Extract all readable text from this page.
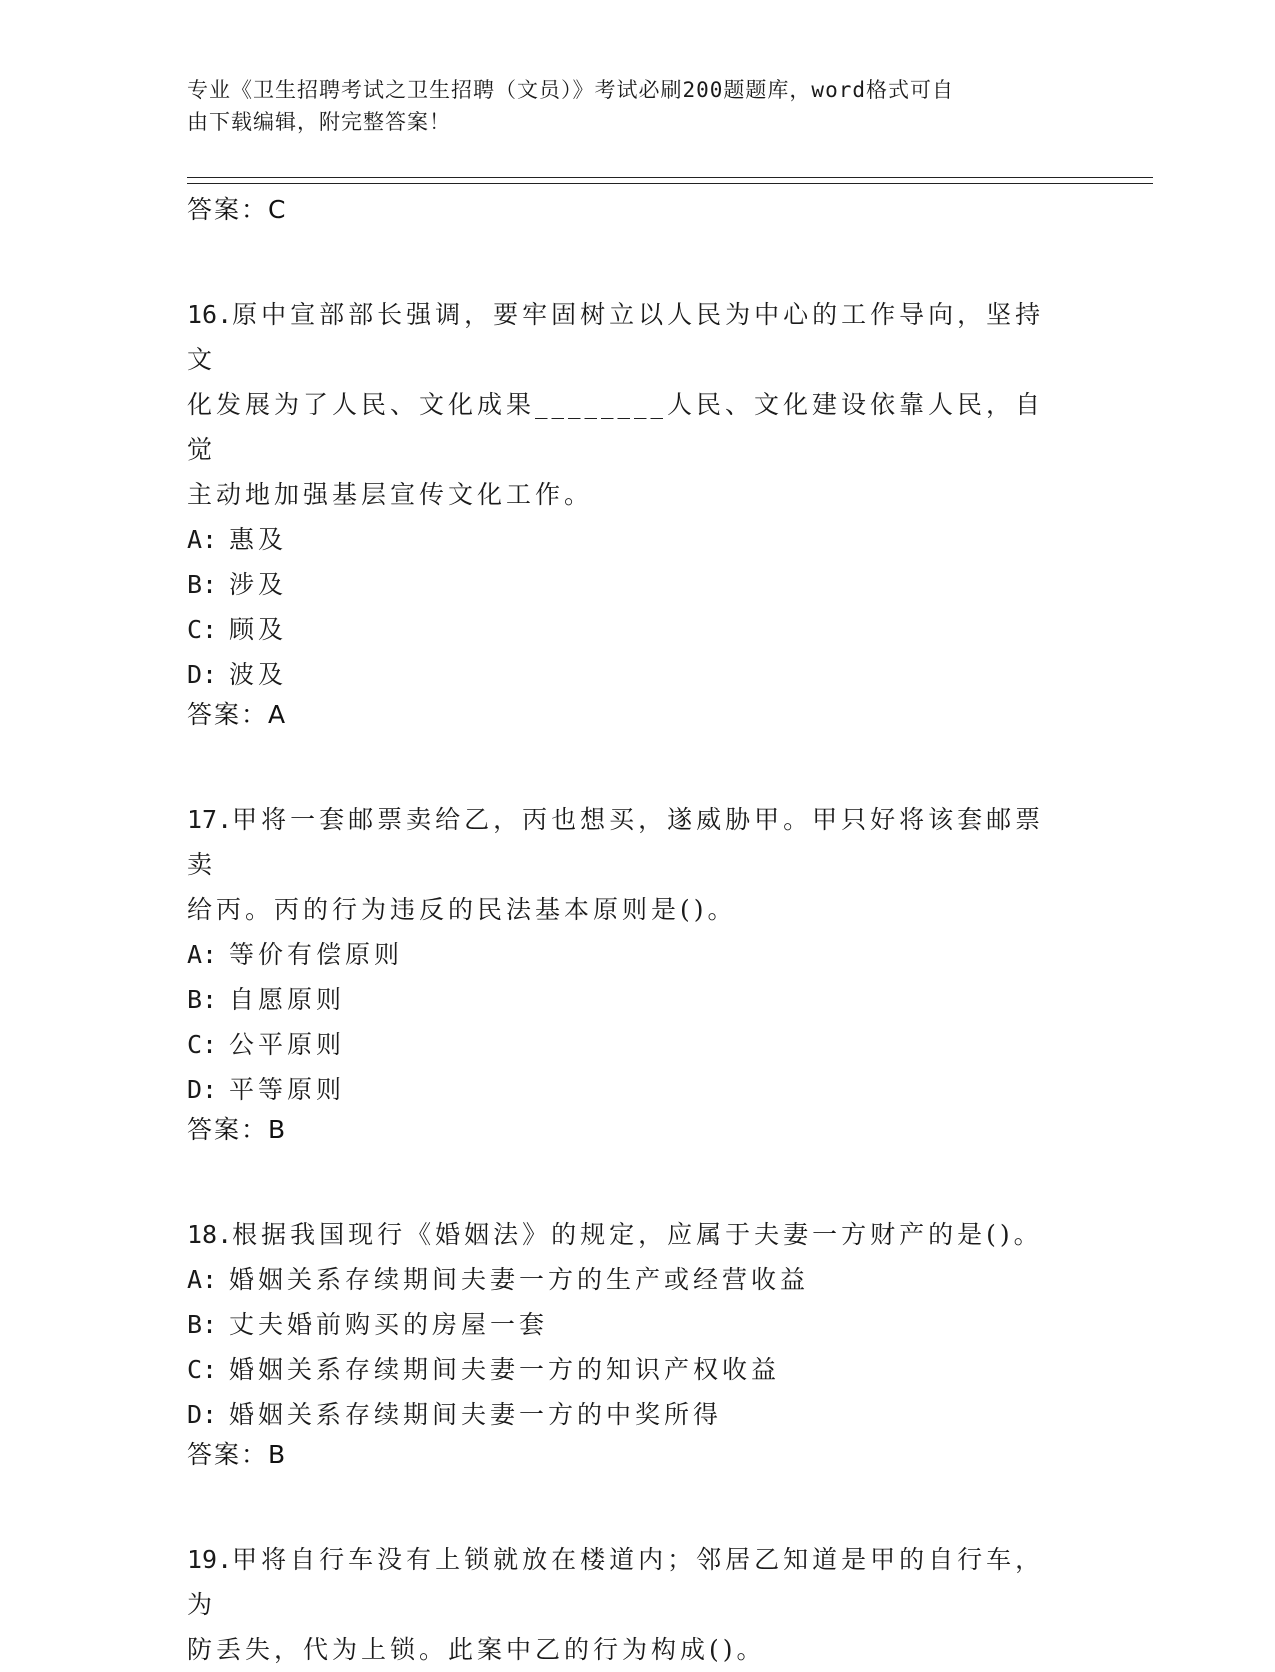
专业《卫生招聘考试之卫生招聘（文员）》考试必刷200题题库，word格式可自
由下载编辑，附完整答案！

答案：C

16.原中宣部部长强调，要牢固树立以人民为中心的工作导向，坚持文

化发展为了人民、文化成果________人民、文化建设依靠人民，自觉

主动地加强基层宣传文化工作。

A: 惠及

B: 涉及

C: 顾及

D: 波及

答案：A

17.甲将一套邮票卖给乙，丙也想买，遂威胁甲。甲只好将该套邮票卖

给丙。丙的行为违反的民法基本原则是()。

A: 等价有偿原则

B: 自愿原则

C: 公平原则

D: 平等原则

答案：B

18.根据我国现行《婚姻法》的规定，应属于夫妻一方财产的是()。

A: 婚姻关系存续期间夫妻一方的生产或经营收益

B: 丈夫婚前购买的房屋一套

C: 婚姻关系存续期间夫妻一方的知识产权收益

D: 婚姻关系存续期间夫妻一方的中奖所得

答案：B

19.甲将自行车没有上锁就放在楼道内；邻居乙知道是甲的自行车，为

防丢失，代为上锁。此案中乙的行为构成()。
